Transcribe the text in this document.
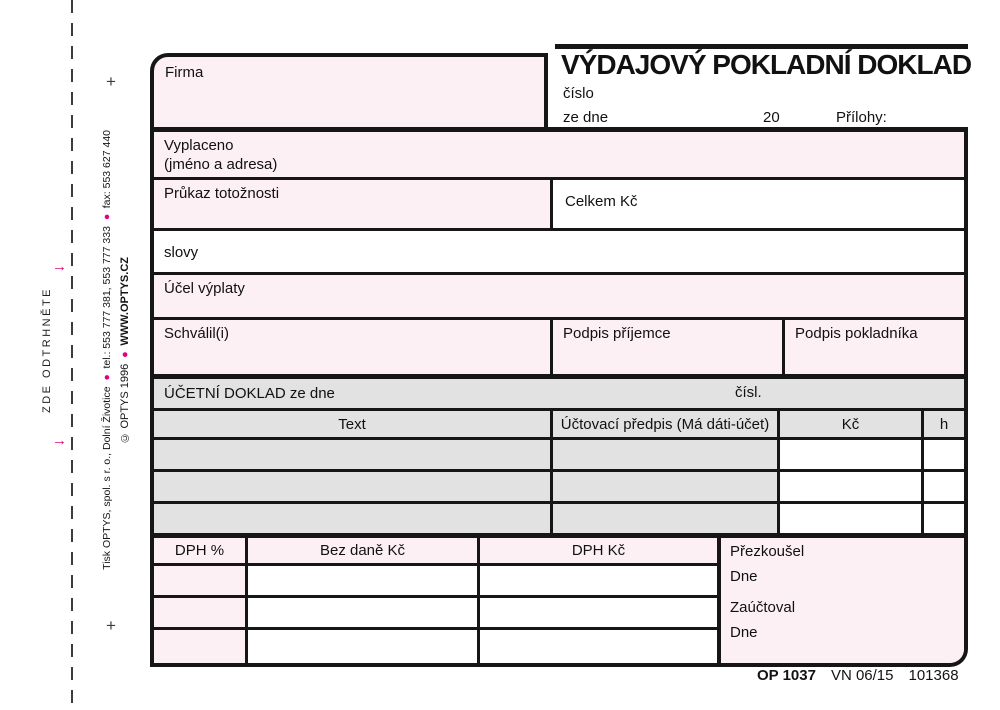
→
ZDE ODTRHNĚTE
→
+
+
Tisk OPTYS, spol. s r. o., Dolní Životice ● tel.: 553 777 381, 553 777 333 ● fax: 553 627 440
© OPTYS 1996 ● WWW.OPTYS.CZ
Firma	VÝDAJOVÝ POKLADNÍ DOKLAD
číslo
ze dne	20	Přílohy:
Vyplaceno
(jméno a adresa)
Průkaz totožnosti	Celkem Kč
slovy
Účel výplaty
Schválil(i)	Podpis příjemce	Podpis pokladníka
ÚČETNÍ DOKLAD ze dne	čísl.
Text	Účtovací předpis (Má dáti-účet)	Kč	h
DPH %	Bez daně Kč	DPH Kč	Přezkoušel
Dne
Zaúčtoval
Dne
OP 1037 VN 06/15 101368
